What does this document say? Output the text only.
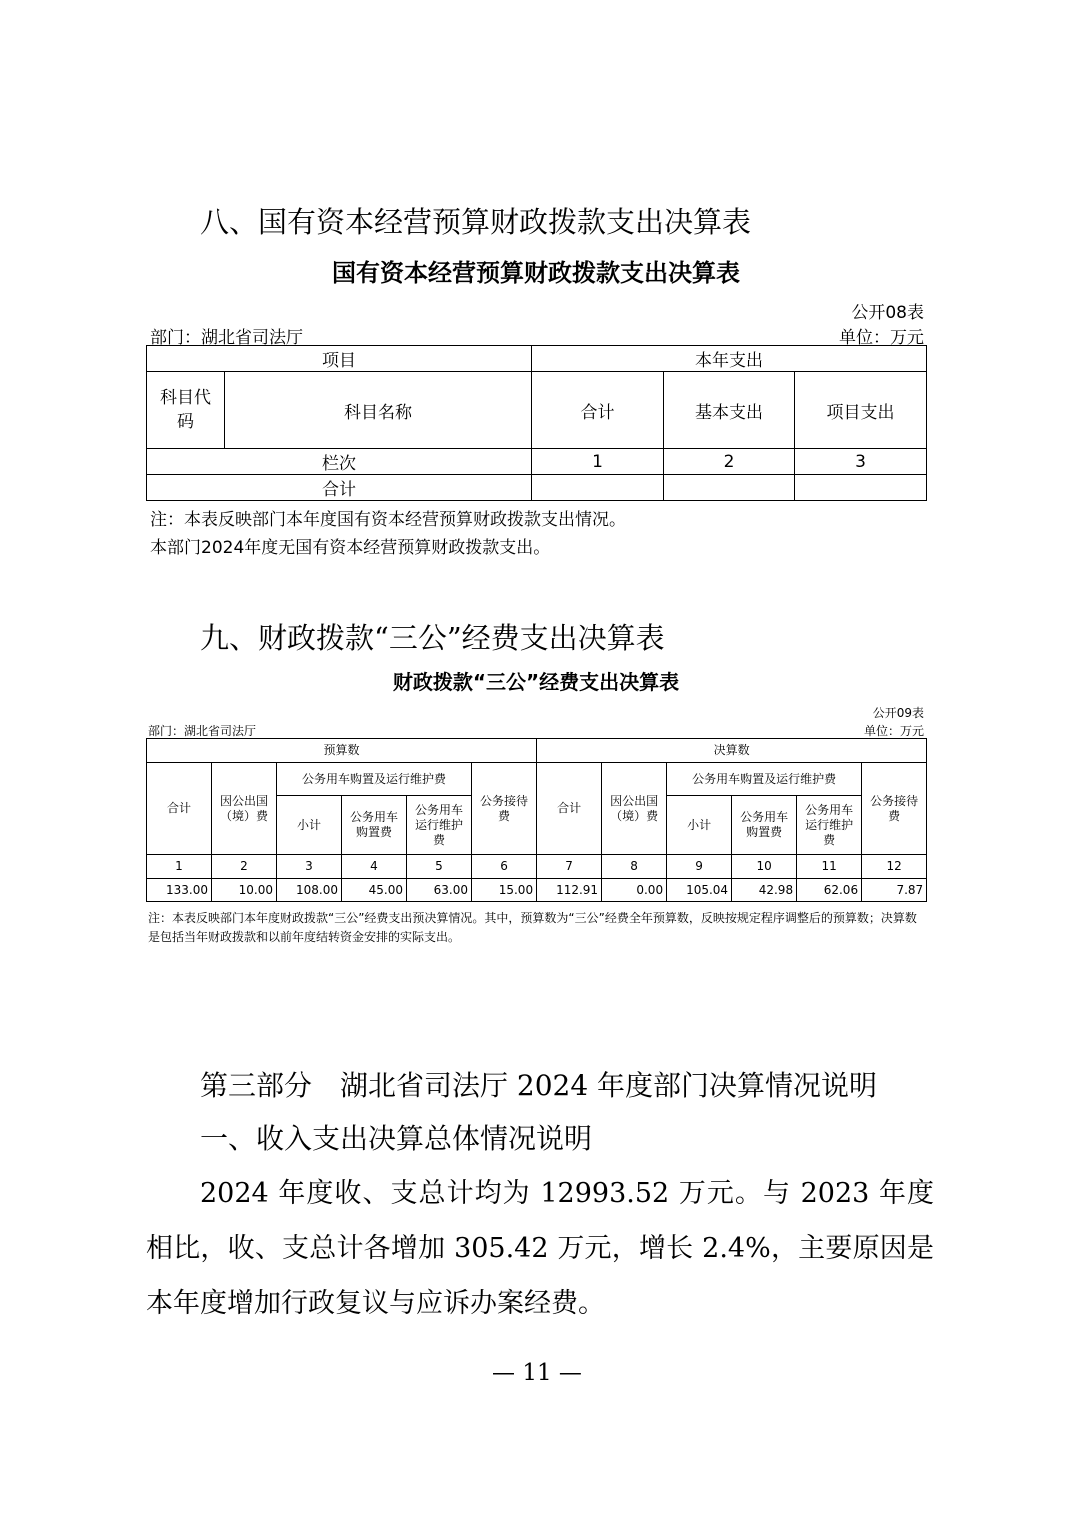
八、国有资本经营预算财政拨款支出决算表
国有资本经营预算财政拨款支出决算表
公开08表
部门：湖北省司法厅	单位：万元
项目		本年支出		
科目代码	科目名称	合计	基本支出	项目支出
栏次		1	2	3
合计				
注：本表反映部门本年度国有资本经营预算财政拨款支出情况。
本部门2024年度无国有资本经营预算财政拨款支出。
九、财政拨款“三公”经费支出决算表
财政拨款“三公”经费支出决算表
公开09表
部门：湖北省司法厅	单位：万元
预算数						决算数					
合计	因公出国（境）费	公务用车购置及运行维护费			公务接待费	合计	因公出国（境）费	公务用车购置及运行维护费			公务接待费
		小计	公务用车购置费	公务用车运行维护费				小计	公务用车购置费	公务用车运行维护费	
1	2	3	4	5	6	7	8	9	10	11	12
133.00	10.00	108.00	45.00	63.00	15.00	112.91	0.00	105.04	42.98	62.06	7.87
注：本表反映部门本年度财政拨款“三公”经费支出预决算情况。其中，预算数为“三公”经费全年预算数，反映按规定程序调整后的预算数；决算数是包括当年财政拨款和以前年度结转资金安排的实际支出。
第三部分　湖北省司法厅 2024 年度部门决算情况说明
一、收入支出决算总体情况说明
2024 年度收、支总计均为 12993.52 万元。与 2023 年度相比，收、支总计各增加 305.42 万元，增长 2.4%，主要原因是本年度增加行政复议与应诉办案经费。
— 11 —
